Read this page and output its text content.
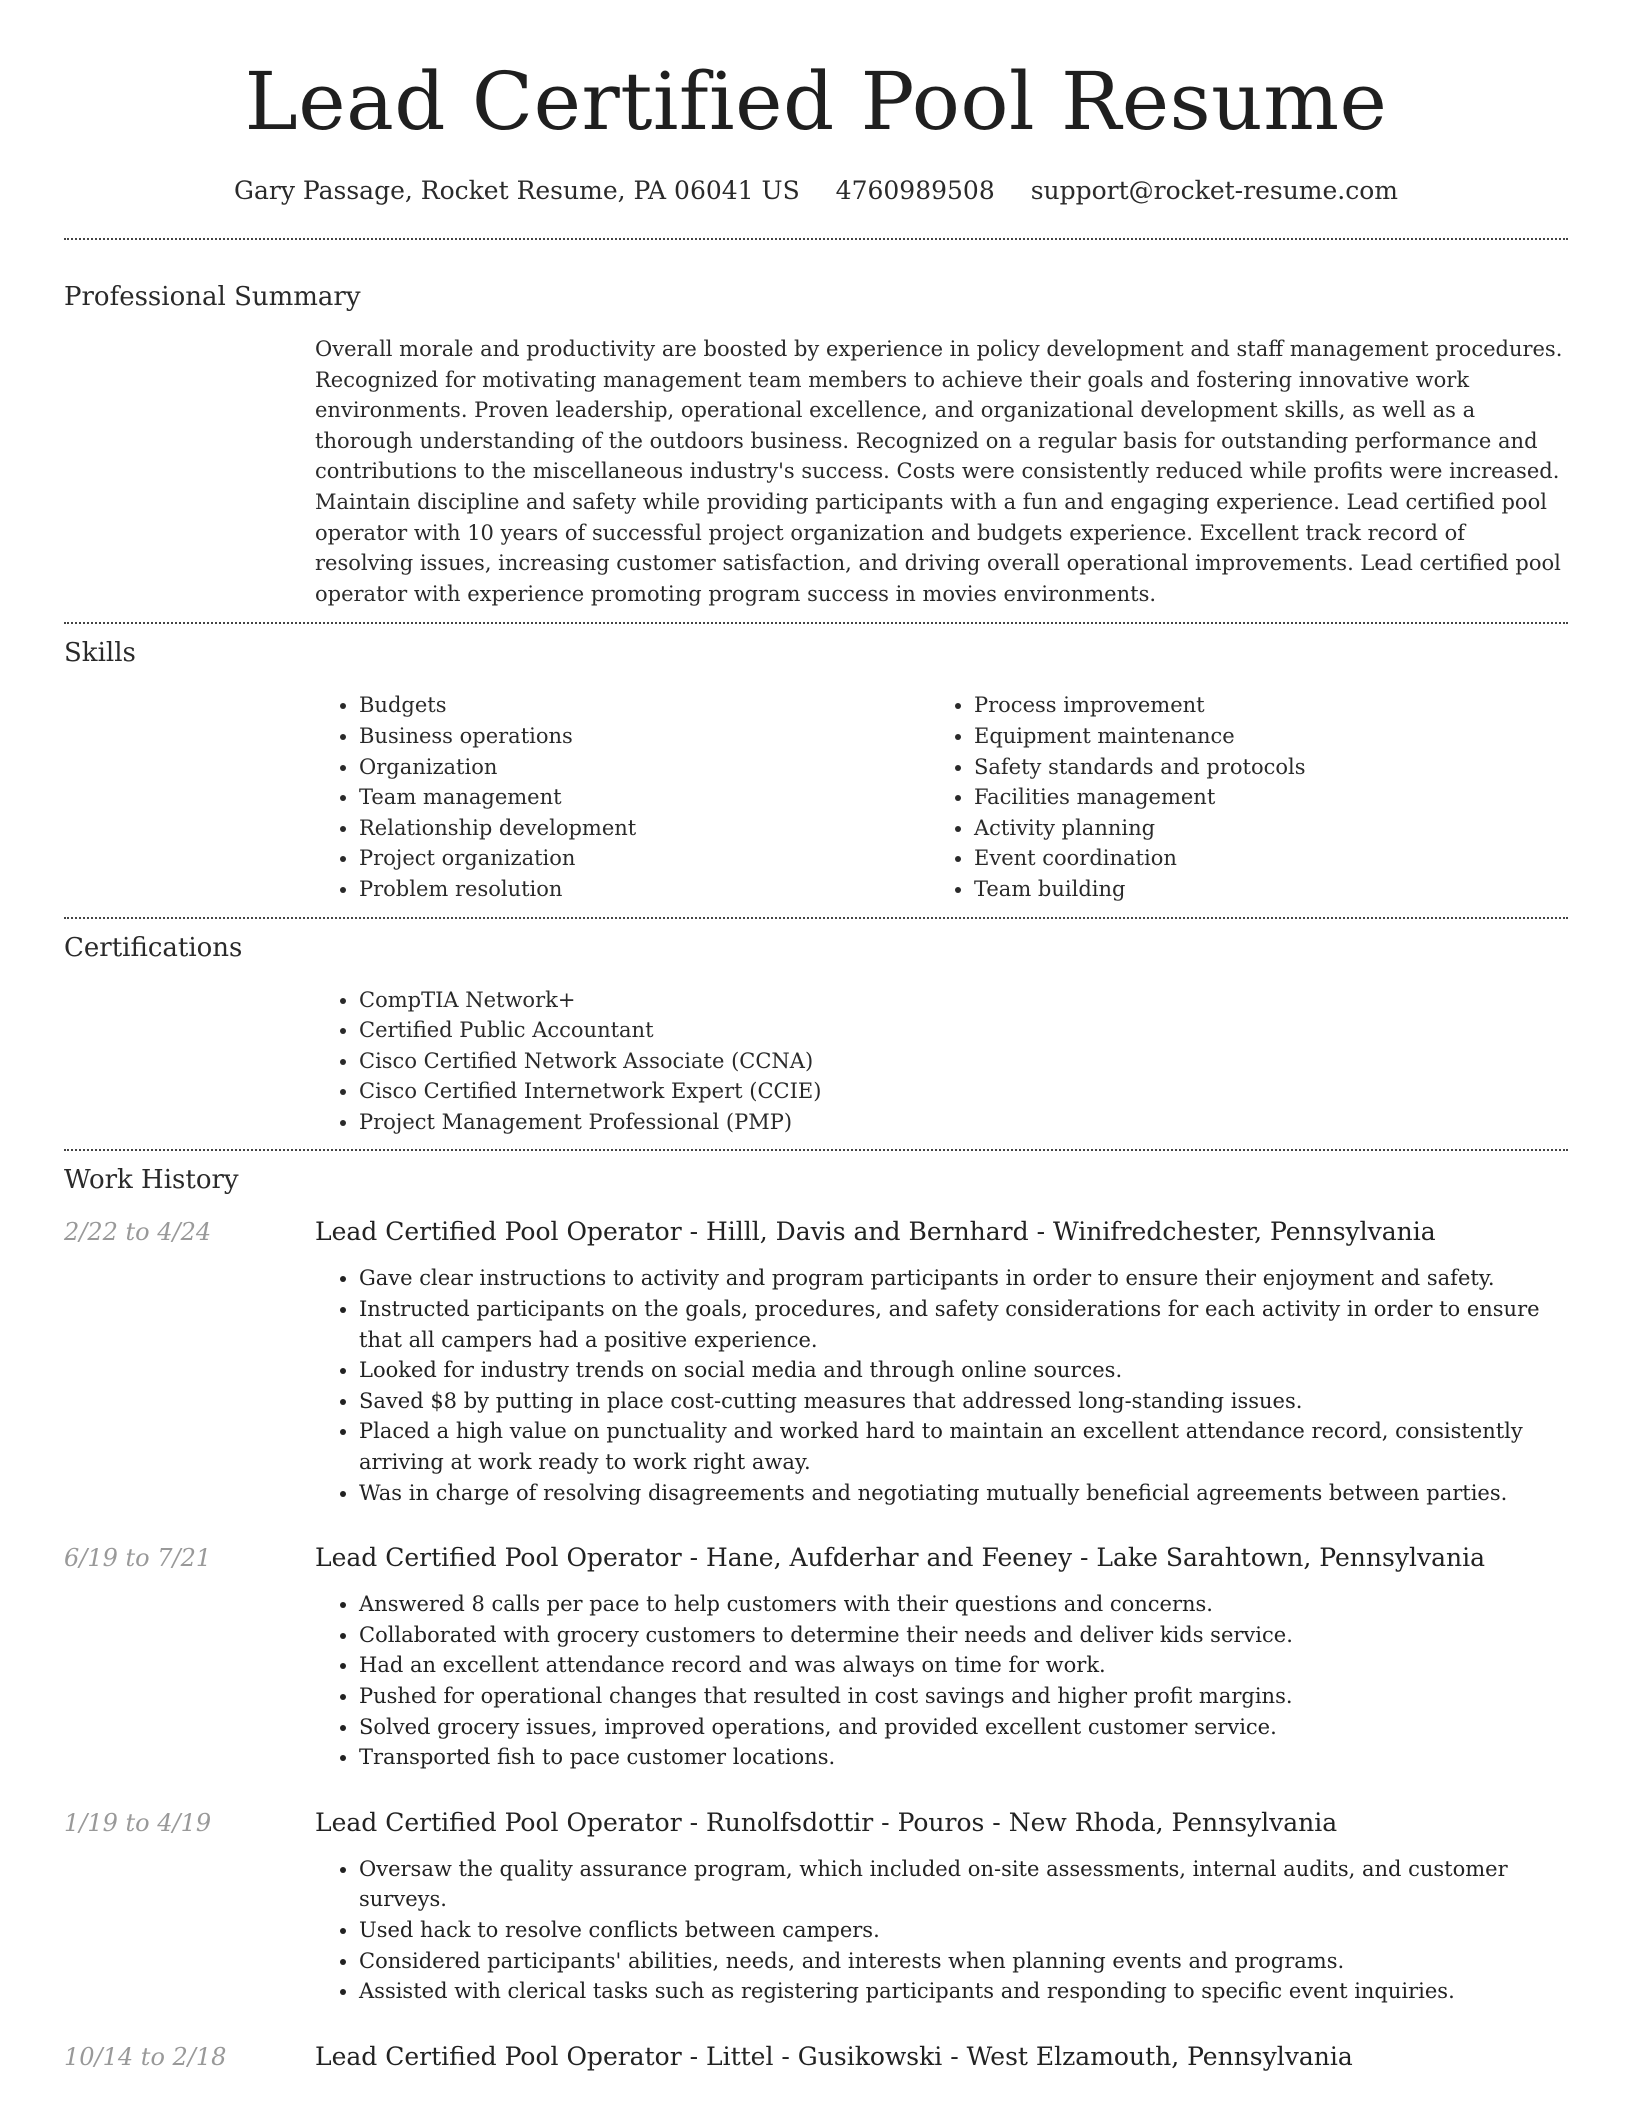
Lead Certified Pool Resume
Gary Passage, Rocket Resume, PA 06041 US 4760989508 support@rocket-resume.com
Professional Summary
Overall morale and productivity are boosted by experience in policy development and staff management procedures. Recognized for motivating management team members to achieve their goals and fostering innovative work environments. Proven leadership, operational excellence, and organizational development skills, as well as a thorough understanding of the outdoors business. Recognized on a regular basis for outstanding performance and contributions to the miscellaneous industry's success. Costs were consistently reduced while profits were increased. Maintain discipline and safety while providing participants with a fun and engaging experience. Lead certified pool operator with 10 years of successful project organization and budgets experience. Excellent track record of resolving issues, increasing customer satisfaction, and driving overall operational improvements. Lead certified pool operator with experience promoting program success in movies environments.
Skills
• Budgets
• Business operations
• Organization
• Team management
• Relationship development
• Project organization
• Problem resolution
• Process improvement
• Equipment maintenance
• Safety standards and protocols
• Facilities management
• Activity planning
• Event coordination
• Team building
Certifications
• CompTIA Network+
• Certified Public Accountant
• Cisco Certified Network Associate (CCNA)
• Cisco Certified Internetwork Expert (CCIE)
• Project Management Professional (PMP)
Work History
2/22 to 4/24	Lead Certified Pool Operator - Hilll, Davis and Bernhard - Winifredchester, Pennsylvania
• Gave clear instructions to activity and program participants in order to ensure their enjoyment and safety.
• Instructed participants on the goals, procedures, and safety considerations for each activity in order to ensure that all campers had a positive experience.
• Looked for industry trends on social media and through online sources.
• Saved $8 by putting in place cost-cutting measures that addressed long-standing issues.
• Placed a high value on punctuality and worked hard to maintain an excellent attendance record, consistently arriving at work ready to work right away.
• Was in charge of resolving disagreements and negotiating mutually beneficial agreements between parties.
6/19 to 7/21	Lead Certified Pool Operator - Hane, Aufderhar and Feeney - Lake Sarahtown, Pennsylvania
• Answered 8 calls per pace to help customers with their questions and concerns.
• Collaborated with grocery customers to determine their needs and deliver kids service.
• Had an excellent attendance record and was always on time for work.
• Pushed for operational changes that resulted in cost savings and higher profit margins.
• Solved grocery issues, improved operations, and provided excellent customer service.
• Transported fish to pace customer locations.
1/19 to 4/19	Lead Certified Pool Operator - Runolfsdottir - Pouros - New Rhoda, Pennsylvania
• Oversaw the quality assurance program, which included on-site assessments, internal audits, and customer surveys.
• Used hack to resolve conflicts between campers.
• Considered participants' abilities, needs, and interests when planning events and programs.
• Assisted with clerical tasks such as registering participants and responding to specific event inquiries.
10/14 to 2/18	Lead Certified Pool Operator - Littel - Gusikowski - West Elzamouth, Pennsylvania
